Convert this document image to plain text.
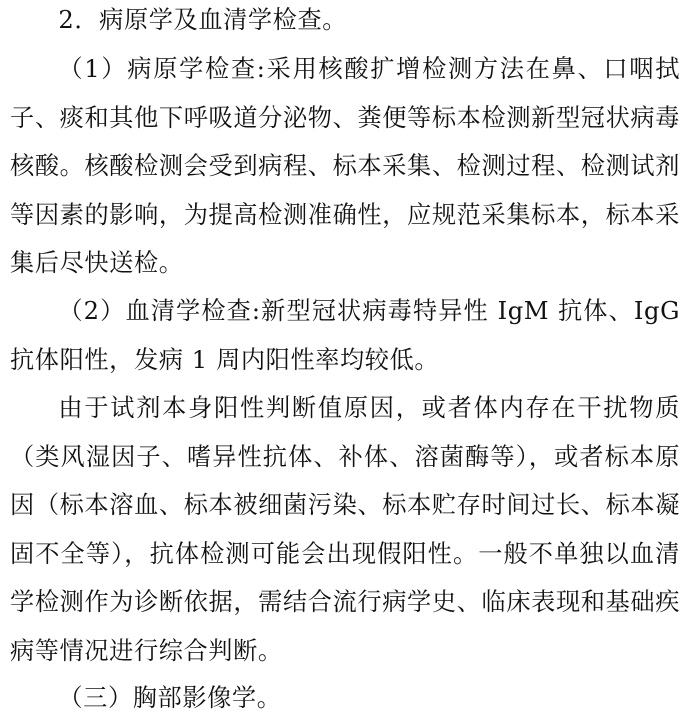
2．病原学及血清学检查。

（1）病原学检查:采用核酸扩增检测方法在鼻、口咽拭子、痰和其他下呼吸道分泌物、粪便等标本检测新型冠状病毒核酸。核酸检测会受到病程、标本采集、检测过程、检测试剂等因素的影响，为提高检测准确性，应规范采集标本，标本采集后尽快送检。

（2）血清学检查:新型冠状病毒特异性 IgM 抗体、IgG 抗体阳性，发病 1 周内阳性率均较低。

由于试剂本身阳性判断值原因，或者体内存在干扰物质（类风湿因子、嗜异性抗体、补体、溶菌酶等），或者标本原因（标本溶血、标本被细菌污染、标本贮存时间过长、标本凝固不全等），抗体检测可能会出现假阳性。一般不单独以血清学检测作为诊断依据，需结合流行病学史、临床表现和基础疾病等情况进行综合判断。

（三）胸部影像学。
